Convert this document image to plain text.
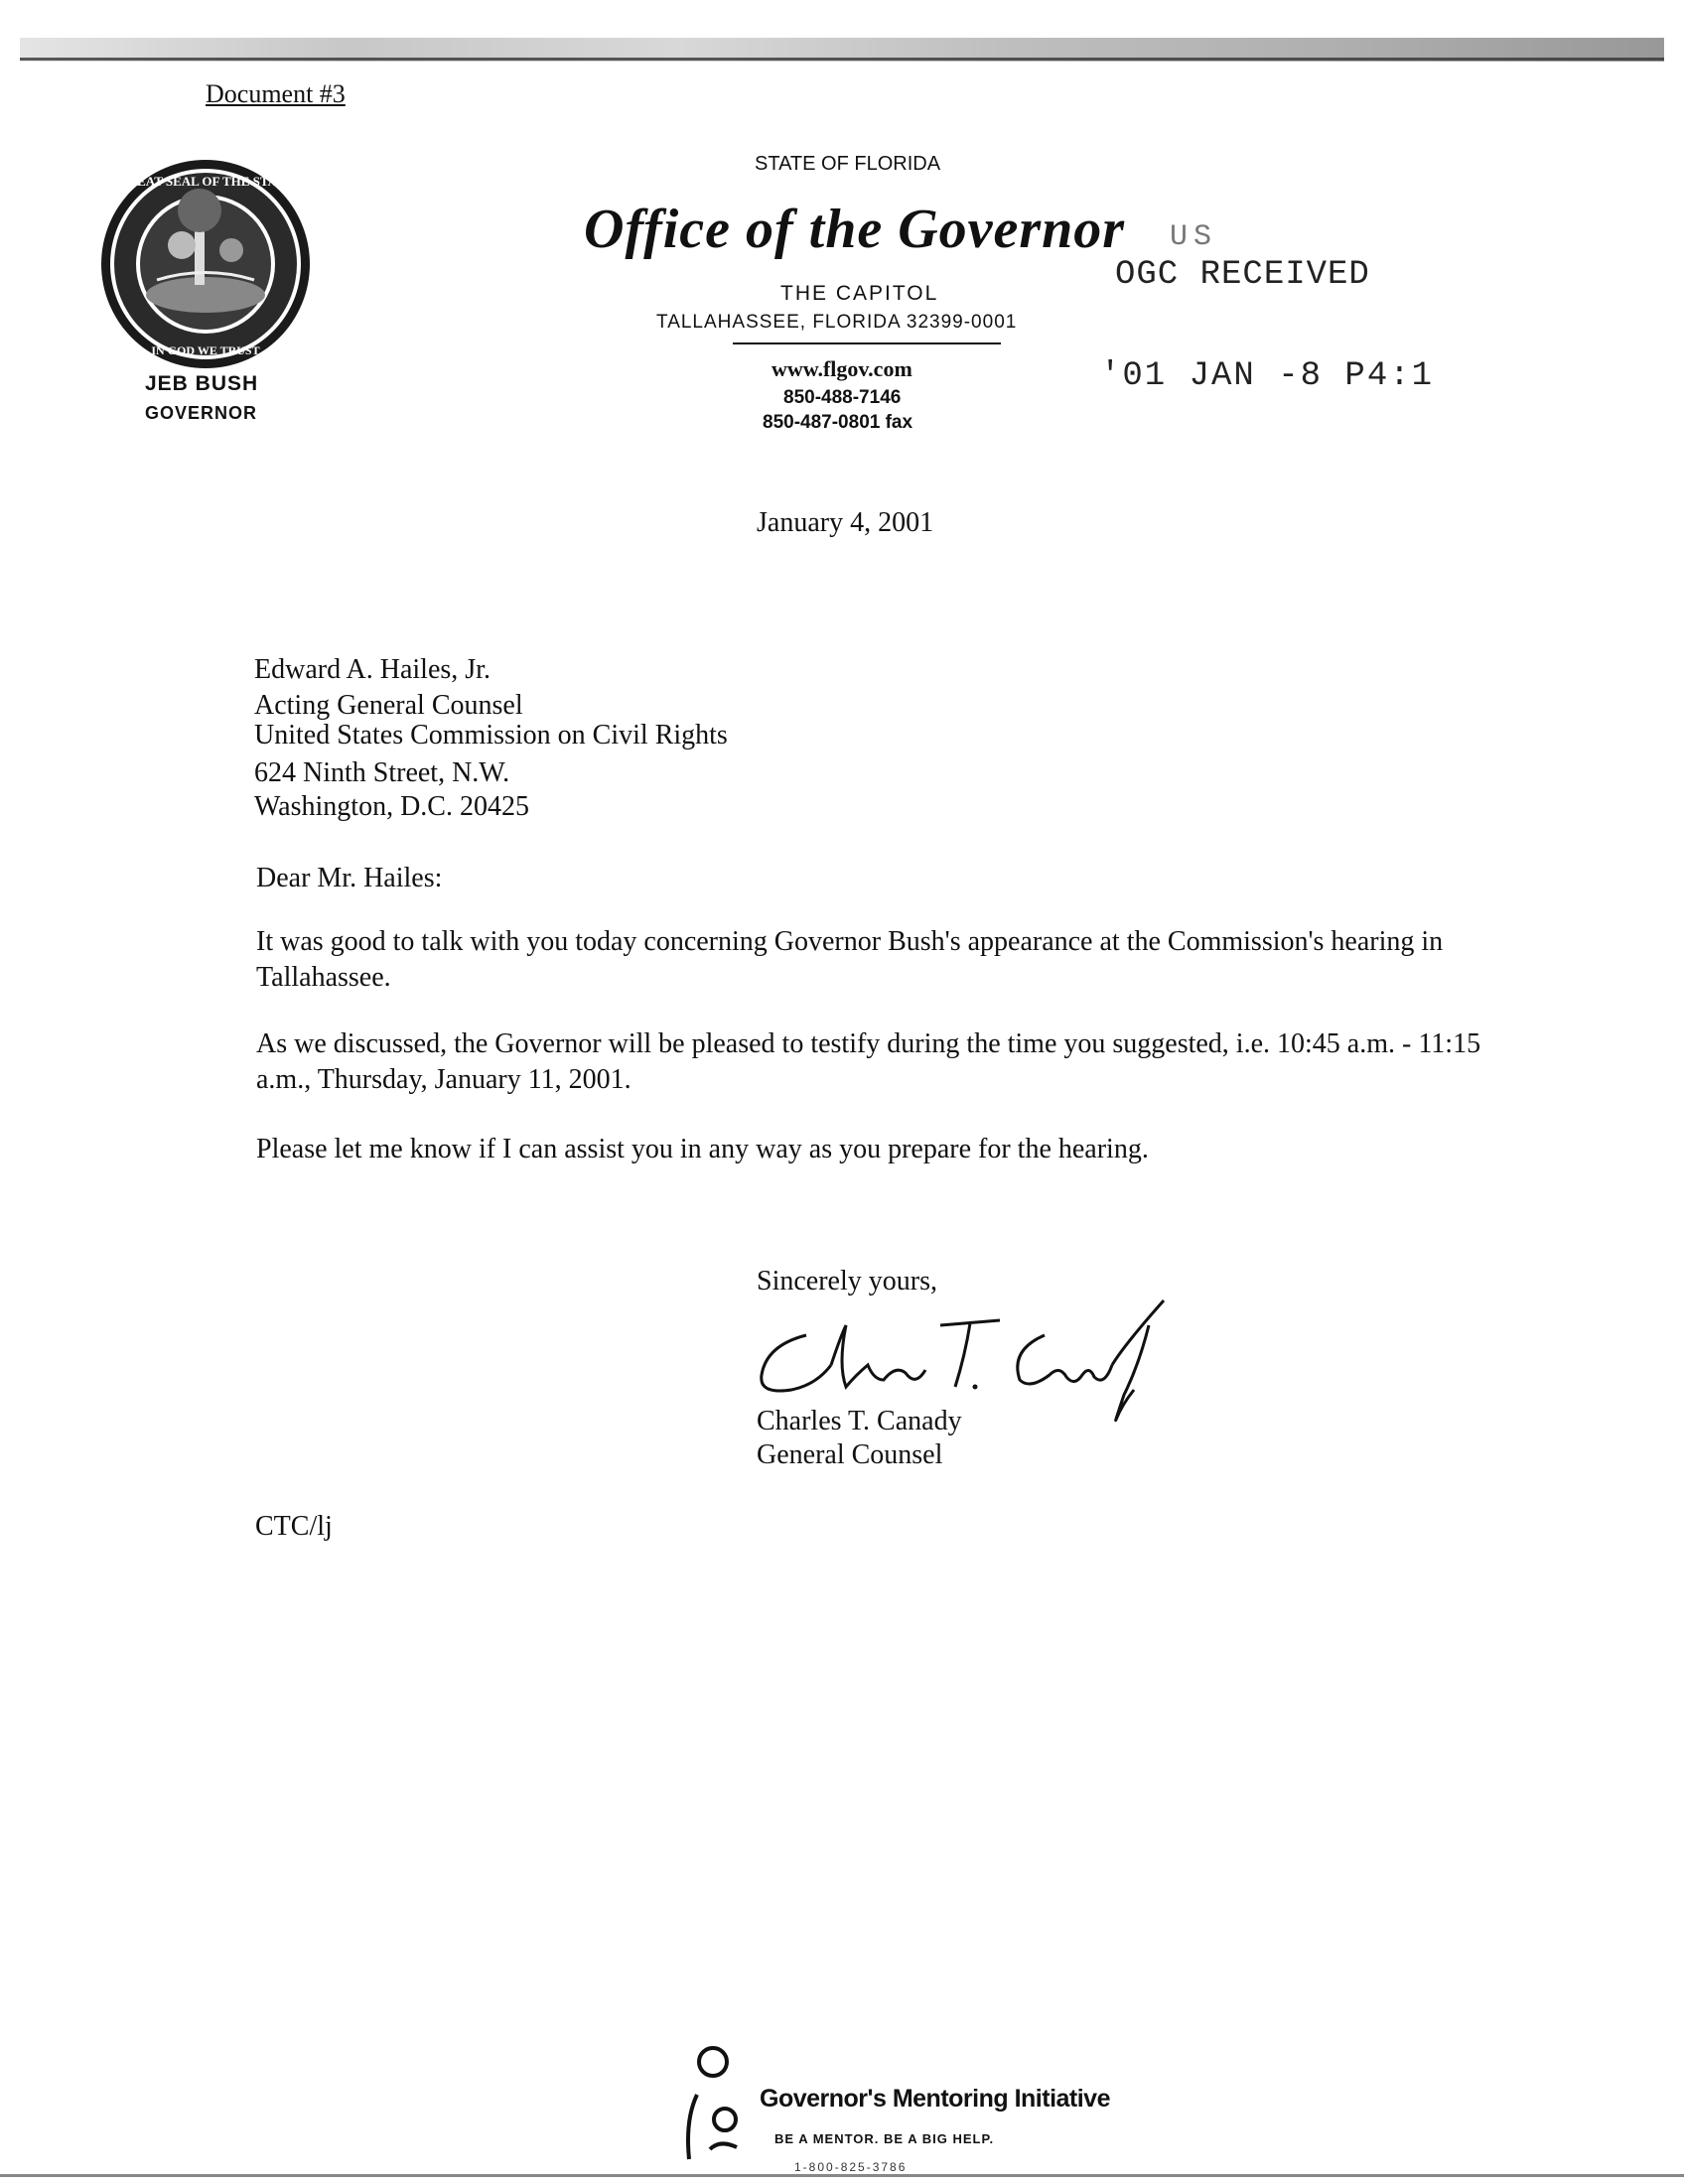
Document #3
GREAT SEAL OF THE STATE
IN GOD WE TRUST
JEB BUSH
GOVERNOR
STATE OF FLORIDA
Office of the Governor
THE CAPITOL
TALLAHASSEE, FLORIDA 32399-0001
www.flgov.com
850-488-7146
850-487-0801 fax
US
OGC RECEIVED
'01 JAN -8 P4:1
January 4, 2001
Edward A. Hailes, Jr.
Acting General Counsel
United States Commission on Civil Rights
624 Ninth Street, N.W.
Washington, D.C. 20425
Dear Mr. Hailes:
It was good to talk with you today concerning Governor Bush's appearance at the Commission's hearing in Tallahassee.
As we discussed, the Governor will be pleased to testify during the time you suggested, i.e. 10:45 a.m. - 11:15 a.m., Thursday, January 11, 2001.
Please let me know if I can assist you in any way as you prepare for the hearing.
Sincerely yours,
Charles T. Canady
General Counsel
CTC/lj
Governor's Mentoring Initiative
BE A MENTOR. BE A BIG HELP.
1-800-825-3786
